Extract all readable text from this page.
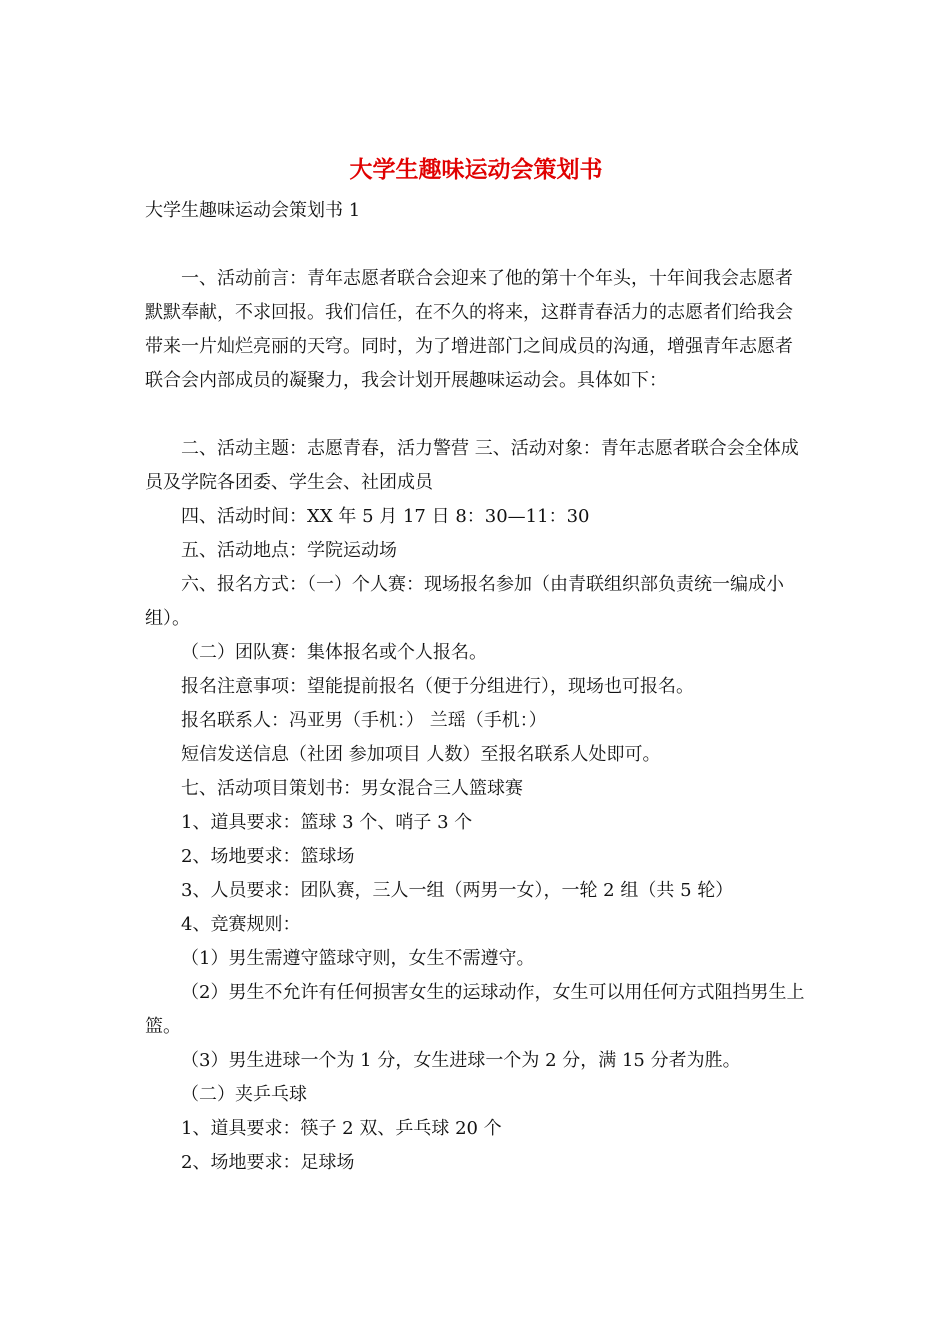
大学生趣味运动会策划书

大学生趣味运动会策划书 1

一、活动前言：青年志愿者联合会迎来了他的第十个年头，十年间我会志愿者默默奉献，不求回报。我们信任，在不久的将来，这群青春活力的志愿者们给我会带来一片灿烂亮丽的天穹。同时，为了增进部门之间成员的沟通，增强青年志愿者联合会内部成员的凝聚力，我会计划开展趣味运动会。具体如下：

二、活动主题：志愿青春，活力警营 三、活动对象：青年志愿者联合会全体成员及学院各团委、学生会、社团成员

四、活动时间：XX 年 5 月 17 日 8：30—11：30

五、活动地点：学院运动场

六、报名方式：（一）个人赛：现场报名参加（由青联组织部负责统一编成小组）。

（二）团队赛：集体报名或个人报名。

报名注意事项：望能提前报名（便于分组进行），现场也可报名。

报名联系人：冯亚男（手机：） 兰瑶（手机：）

短信发送信息（社团 参加项目 人数）至报名联系人处即可。

七、活动项目策划书：男女混合三人篮球赛

1、道具要求：篮球 3 个、哨子 3 个

2、场地要求：篮球场

3、人员要求：团队赛，三人一组（两男一女），一轮 2 组（共 5 轮）

4、竞赛规则：

（1）男生需遵守篮球守则，女生不需遵守。

（2）男生不允许有任何损害女生的运球动作，女生可以用任何方式阻挡男生上篮。

（3）男生进球一个为 1 分，女生进球一个为 2 分，满 15 分者为胜。

（二）夹乒乓球

1、道具要求：筷子 2 双、乒乓球 20 个

2、场地要求：足球场
